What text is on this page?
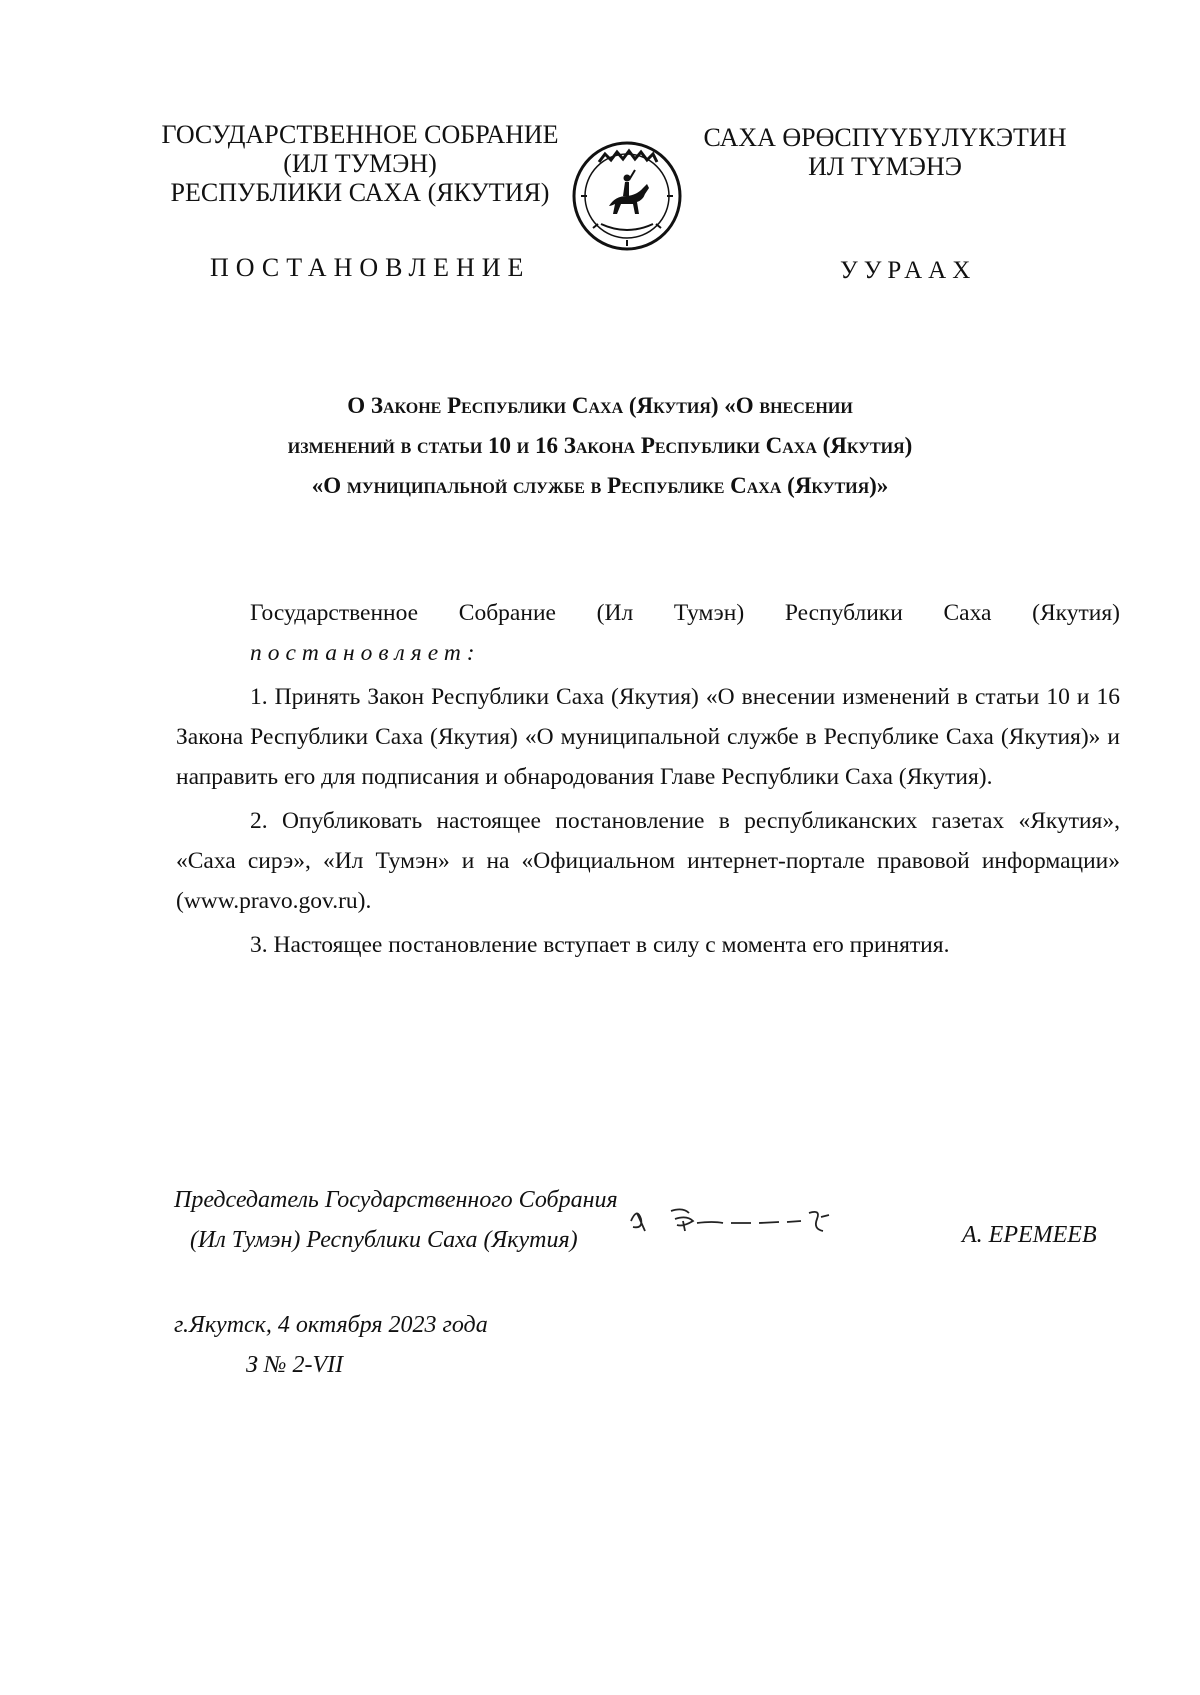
ГОСУДАРСТВЕННОЕ СОБРАНИЕ
(ИЛ ТУМЭН)
РЕСПУБЛИКИ САХА (ЯКУТИЯ)
САХА ӨРӨСПҮҮБҮЛҮКЭТИН
ИЛ ТҮМЭНЭ
ПОСТАНОВЛЕНИЕ	УУРААХ
О Законе Республики Саха (Якутия) «О внесении
изменений в статьи 10 и 16 Закона Республики Саха (Якутия)
«О муниципальной службе в Республике Саха (Якутия)»

Государственное Собрание (Ил Тумэн) Республики Саха (Якутия)

постановляет:

1. Принять Закон Республики Саха (Якутия) «О внесении изменений в статьи 10 и 16 Закона Республики Саха (Якутия) «О муниципальной службе в Республике Саха (Якутия)» и направить его для подписания и обнародования Главе Республики Саха (Якутия).

2. Опубликовать настоящее постановление в республиканских газетах «Якутия», «Саха сирэ», «Ил Тумэн» и на «Официальном интернет-портале правовой информации» (www.pravo.gov.ru).

3. Настоящее постановление вступает в силу с момента его принятия.

Председатель Государственного Собрания
(Ил Тумэн) Республики Саха (Якутия)	А. ЕРЕМЕЕВ
г.Якутск, 4 октября 2023 года
З № 2-VII
